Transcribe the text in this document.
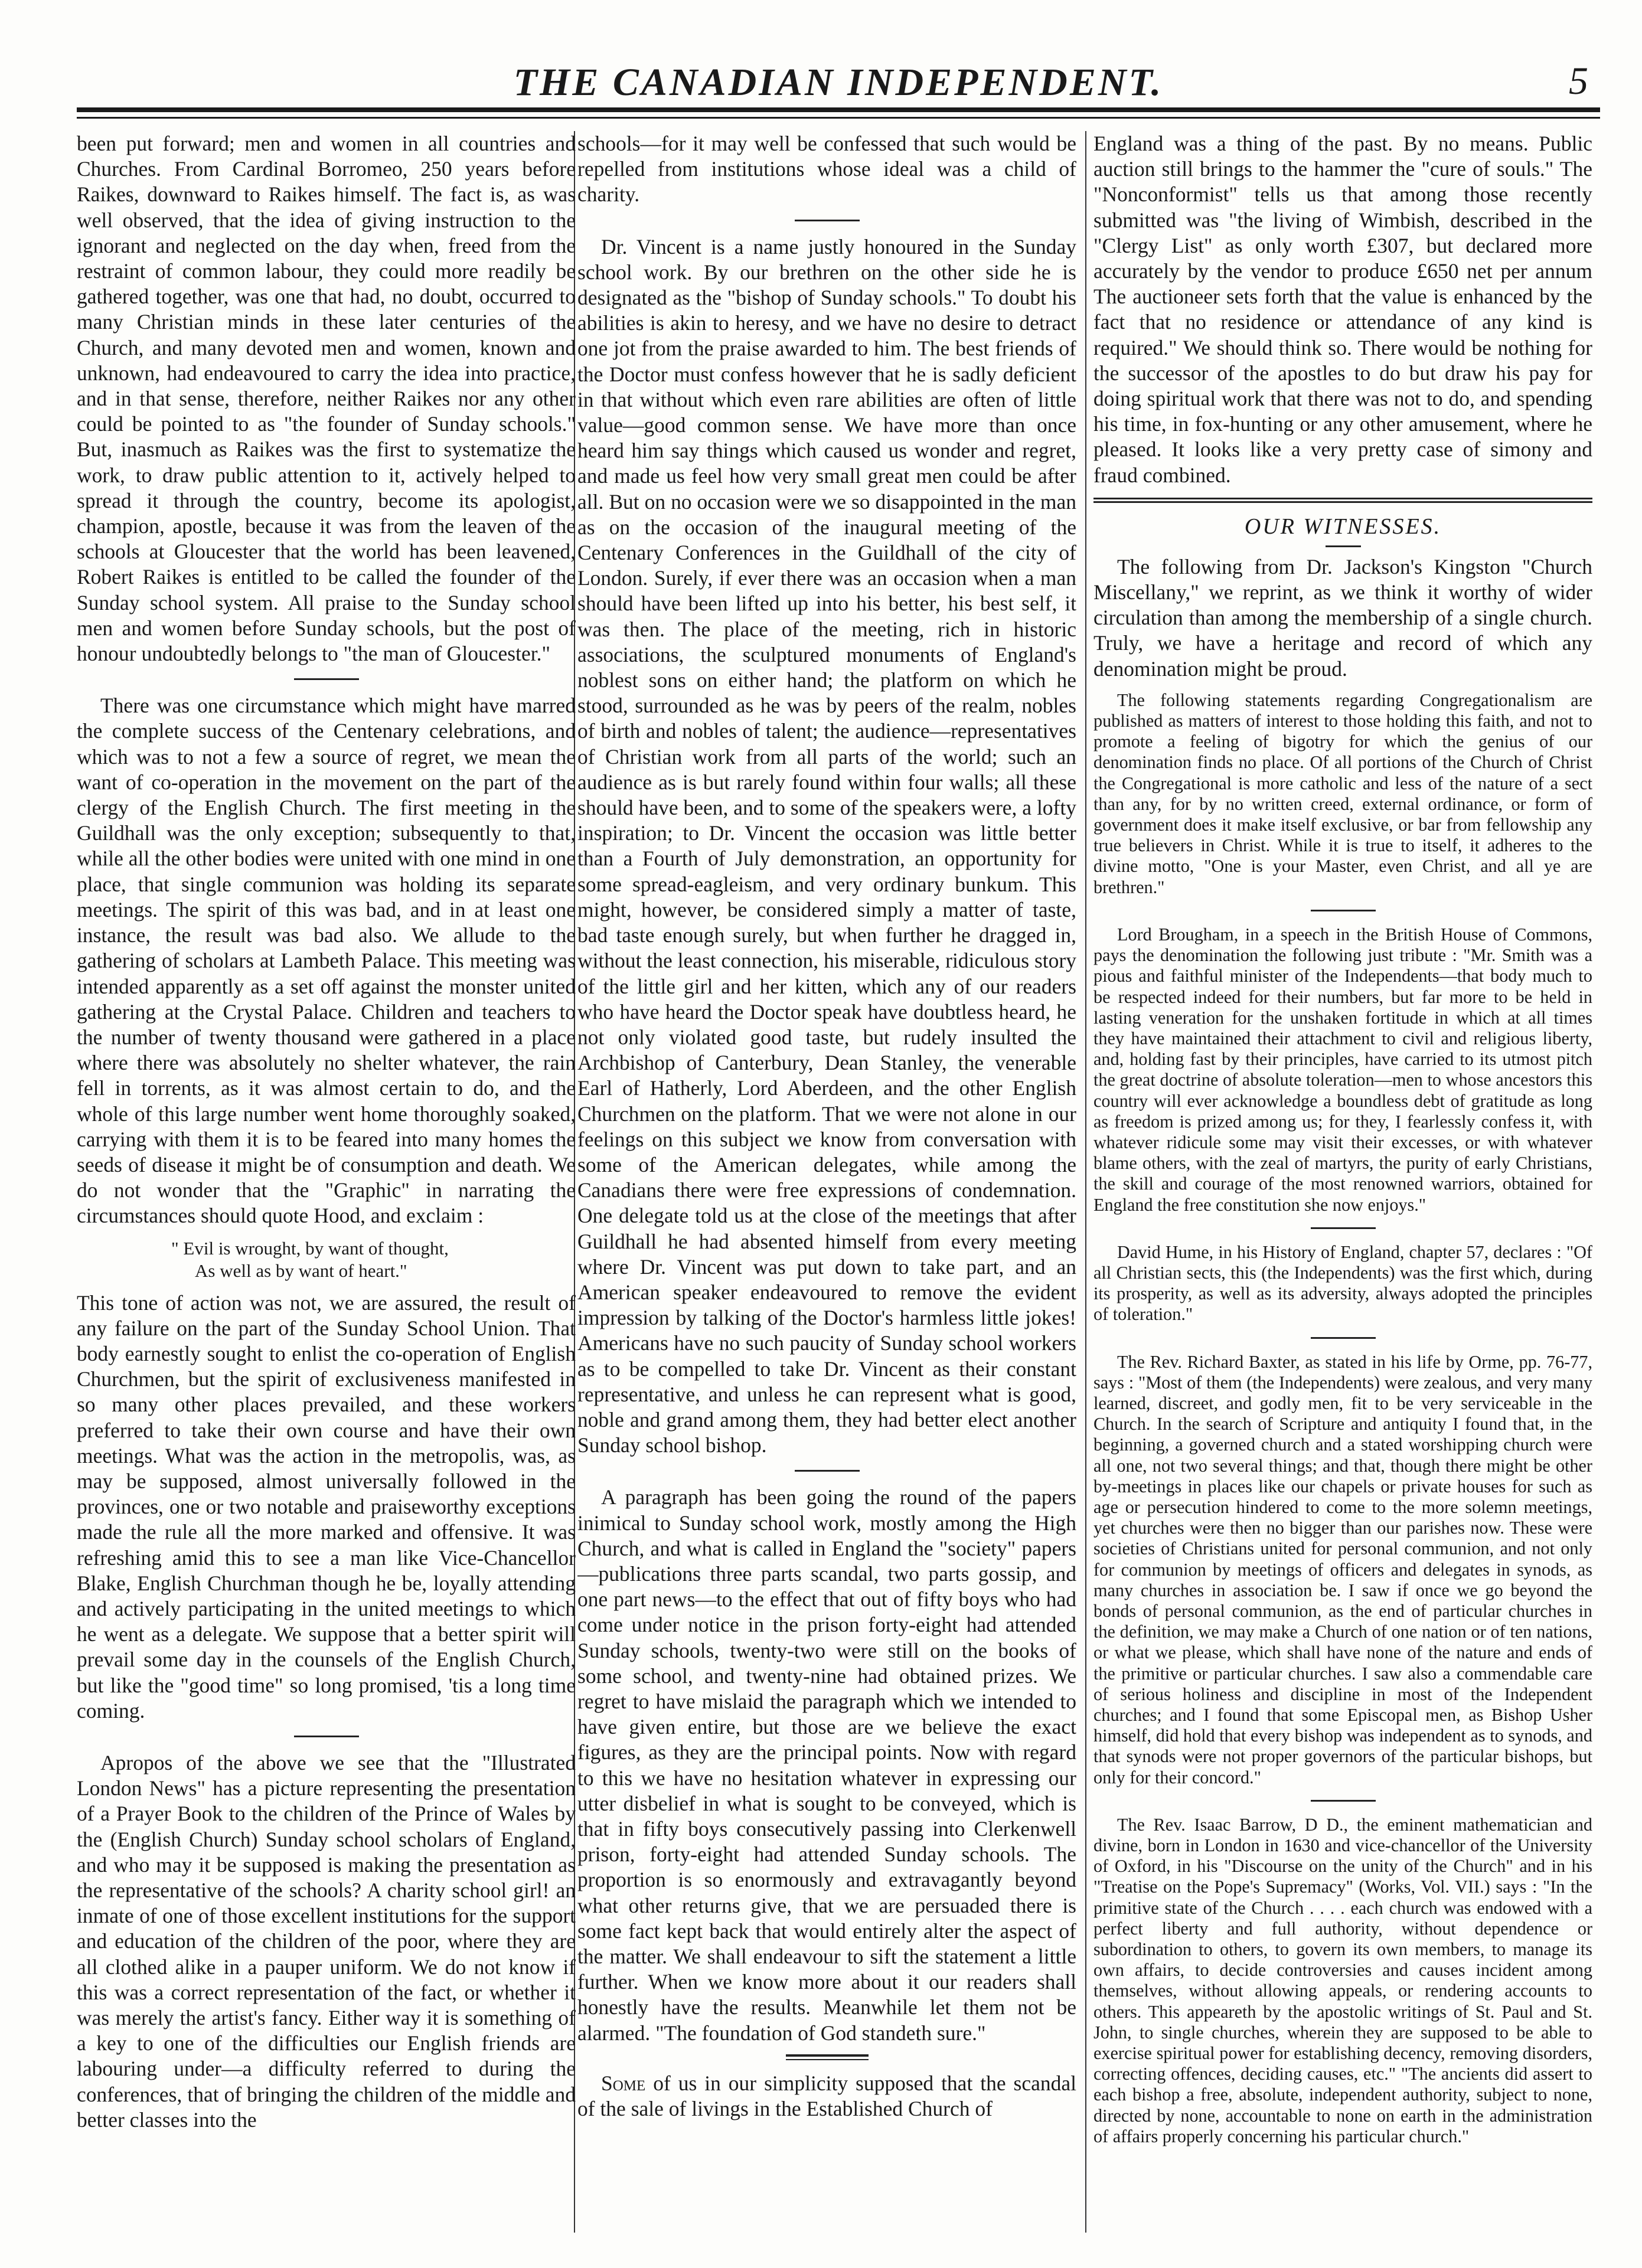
THE CANADIAN INDEPENDENT.	5

been put forward; men and women in all countries and Churches. From Cardinal Borromeo, 250 years before Raikes, downward to Raikes himself. The fact is, as was well observed, that the idea of giving instruction to the ignorant and neglected on the day when, freed from the restraint of common labour, they could more readily be gathered together, was one that had, no doubt, occurred to many Christian minds in these later centuries of the Church, and many devoted men and women, known and unknown, had endeavoured to carry the idea into practice, and in that sense, therefore, neither Raikes nor any other could be pointed to as "the founder of Sunday schools." But, inasmuch as Raikes was the first to systematize the work, to draw public attention to it, actively helped to spread it through the country, become its apologist, champion, apostle, because it was from the leaven of the schools at Gloucester that the world has been leavened, Robert Raikes is entitled to be called the founder of the Sunday school system. All praise to the Sunday school men and women before Sunday schools, but the post of honour undoubtedly belongs to "the man of Gloucester."

There was one circumstance which might have marred the complete success of the Centenary celebrations, and which was to not a few a source of regret, we mean the want of co-operation in the movement on the part of the clergy of the English Church. The first meeting in the Guildhall was the only exception; subsequently to that, while all the other bodies were united with one mind in one place, that single communion was holding its separate meetings. The spirit of this was bad, and in at least one instance, the result was bad also. We allude to the gathering of scholars at Lambeth Palace. This meeting was intended apparently as a set off against the monster united gathering at the Crystal Palace. Children and teachers to the number of twenty thousand were gathered in a place where there was absolutely no shelter whatever, the rain fell in torrents, as it was almost certain to do, and the whole of this large number went home thoroughly soaked, carrying with them it is to be feared into many homes the seeds of disease it might be of consumption and death. We do not wonder that the "Graphic" in narrating the circumstances should quote Hood, and exclaim :

" Evil is wrought, by want of thought,
As well as by want of heart."

This tone of action was not, we are assured, the result of any failure on the part of the Sunday School Union. That body earnestly sought to enlist the co-operation of English Churchmen, but the spirit of exclusiveness manifested in so many other places prevailed, and these workers preferred to take their own course and have their own meetings. What was the action in the metropolis, was, as may be supposed, almost universally followed in the provinces, one or two notable and praiseworthy exceptions made the rule all the more marked and offensive. It was refreshing amid this to see a man like Vice-Chancellor Blake, English Churchman though he be, loyally attending and actively participating in the united meetings to which he went as a delegate. We suppose that a better spirit will prevail some day in the counsels of the English Church, but like the "good time" so long promised, 'tis a long time coming.

Apropos of the above we see that the "Illustrated London News" has a picture representing the presentation of a Prayer Book to the children of the Prince of Wales by the (English Church) Sunday school scholars of England, and who may it be supposed is making the presentation as the representative of the schools? A charity school girl! an inmate of one of those excellent institutions for the support and education of the children of the poor, where they are all clothed alike in a pauper uniform. We do not know if this was a correct representation of the fact, or whether it was merely the artist's fancy. Either way it is something of a key to one of the difficulties our English friends are labouring under—a difficulty referred to during the conferences, that of bringing the children of the middle and better classes into the

schools—for it may well be confessed that such would be repelled from institutions whose ideal was a child of charity.

Dr. Vincent is a name justly honoured in the Sunday school work. By our brethren on the other side he is designated as the "bishop of Sunday schools." To doubt his abilities is akin to heresy, and we have no desire to detract one jot from the praise awarded to him. The best friends of the Doctor must confess however that he is sadly deficient in that without which even rare abilities are often of little value—good common sense. We have more than once heard him say things which caused us wonder and regret, and made us feel how very small great men could be after all. But on no occasion were we so disappointed in the man as on the occasion of the inaugural meeting of the Centenary Conferences in the Guildhall of the city of London. Surely, if ever there was an occasion when a man should have been lifted up into his better, his best self, it was then. The place of the meeting, rich in historic associations, the sculptured monuments of England's noblest sons on either hand; the platform on which he stood, surrounded as he was by peers of the realm, nobles of birth and nobles of talent; the audience—representatives of Christian work from all parts of the world; such an audience as is but rarely found within four walls; all these should have been, and to some of the speakers were, a lofty inspiration; to Dr. Vincent the occasion was little better than a Fourth of July demonstration, an opportunity for some spread-eagleism, and very ordinary bunkum. This might, however, be considered simply a matter of taste, bad taste enough surely, but when further he dragged in, without the least connection, his miserable, ridiculous story of the little girl and her kitten, which any of our readers who have heard the Doctor speak have doubtless heard, he not only violated good taste, but rudely insulted the Archbishop of Canterbury, Dean Stanley, the venerable Earl of Hatherly, Lord Aberdeen, and the other English Churchmen on the platform. That we were not alone in our feelings on this subject we know from conversation with some of the American delegates, while among the Canadians there were free expressions of condemnation. One delegate told us at the close of the meetings that after Guildhall he had absented himself from every meeting where Dr. Vincent was put down to take part, and an American speaker endeavoured to remove the evident impression by talking of the Doctor's harmless little jokes! Americans have no such paucity of Sunday school workers as to be compelled to take Dr. Vincent as their constant representative, and unless he can represent what is good, noble and grand among them, they had better elect another Sunday school bishop.

A paragraph has been going the round of the papers inimical to Sunday school work, mostly among the High Church, and what is called in England the "society" papers—publications three parts scandal, two parts gossip, and one part news—to the effect that out of fifty boys who had come under notice in the prison forty-eight had attended Sunday schools, twenty-two were still on the books of some school, and twenty-nine had obtained prizes. We regret to have mislaid the paragraph which we intended to have given entire, but those are we believe the exact figures, as they are the principal points. Now with regard to this we have no hesitation whatever in expressing our utter disbelief in what is sought to be conveyed, which is that in fifty boys consecutively passing into Clerkenwell prison, forty-eight had attended Sunday schools. The proportion is so enormously and extravagantly beyond what other returns give, that we are persuaded there is some fact kept back that would entirely alter the aspect of the matter. We shall endeavour to sift the statement a little further. When we know more about it our readers shall honestly have the results. Meanwhile let them not be alarmed. "The foundation of God standeth sure."

Some of us in our simplicity supposed that the scandal of the sale of livings in the Established Church of

England was a thing of the past. By no means. Public auction still brings to the hammer the "cure of souls." The "Nonconformist" tells us that among those recently submitted was "the living of Wimbish, described in the "Clergy List" as only worth £307, but declared more accurately by the vendor to produce £650 net per annum The auctioneer sets forth that the value is enhanced by the fact that no residence or attendance of any kind is required." We should think so. There would be nothing for the successor of the apostles to do but draw his pay for doing spiritual work that there was not to do, and spending his time, in fox-hunting or any other amusement, where he pleased. It looks like a very pretty case of simony and fraud combined.

OUR WITNESSES.

The following from Dr. Jackson's Kingston "Church Miscellany," we reprint, as we think it worthy of wider circulation than among the membership of a single church. Truly, we have a heritage and record of which any denomination might be proud.

The following statements regarding Congregationalism are published as matters of interest to those holding this faith, and not to promote a feeling of bigotry for which the genius of our denomination finds no place. Of all portions of the Church of Christ the Congregational is more catholic and less of the nature of a sect than any, for by no written creed, external ordinance, or form of government does it make itself exclusive, or bar from fellowship any true believers in Christ. While it is true to itself, it adheres to the divine motto, "One is your Master, even Christ, and all ye are brethren."

Lord Brougham, in a speech in the British House of Commons, pays the denomination the following just tribute : "Mr. Smith was a pious and faithful minister of the Independents—that body much to be respected indeed for their numbers, but far more to be held in lasting veneration for the unshaken fortitude in which at all times they have maintained their attachment to civil and religious liberty, and, holding fast by their principles, have carried to its utmost pitch the great doctrine of absolute toleration—men to whose ancestors this country will ever acknowledge a boundless debt of gratitude as long as freedom is prized among us; for they, I fearlessly confess it, with whatever ridicule some may visit their excesses, or with whatever blame others, with the zeal of martyrs, the purity of early Christians, the skill and courage of the most renowned warriors, obtained for England the free constitution she now enjoys."

David Hume, in his History of England, chapter 57, declares : "Of all Christian sects, this (the Independents) was the first which, during its prosperity, as well as its adversity, always adopted the principles of toleration."

The Rev. Richard Baxter, as stated in his life by Orme, pp. 76-77, says : "Most of them (the Independents) were zealous, and very many learned, discreet, and godly men, fit to be very serviceable in the Church. In the search of Scripture and antiquity I found that, in the beginning, a governed church and a stated worshipping church were all one, not two several things; and that, though there might be other by-meetings in places like our chapels or private houses for such as age or persecution hindered to come to the more solemn meetings, yet churches were then no bigger than our parishes now. These were societies of Christians united for personal communion, and not only for communion by meetings of officers and delegates in synods, as many churches in association be. I saw if once we go beyond the bonds of personal communion, as the end of particular churches in the definition, we may make a Church of one nation or of ten nations, or what we please, which shall have none of the nature and ends of the primitive or particular churches. I saw also a commendable care of serious holiness and discipline in most of the Independent churches; and I found that some Episcopal men, as Bishop Usher himself, did hold that every bishop was independent as to synods, and that synods were not proper governors of the particular bishops, but only for their concord."

The Rev. Isaac Barrow, D D., the eminent mathematician and divine, born in London in 1630 and vice-chancellor of the University of Oxford, in his "Discourse on the unity of the Church" and in his "Treatise on the Pope's Supremacy" (Works, Vol. VII.) says : "In the primitive state of the Church . . . . each church was endowed with a perfect liberty and full authority, without dependence or subordination to others, to govern its own members, to manage its own affairs, to decide controversies and causes incident among themselves, without allowing appeals, or rendering accounts to others. This appeareth by the apostolic writings of St. Paul and St. John, to single churches, wherein they are supposed to be able to exercise spiritual power for establishing decency, removing disorders, correcting offences, deciding causes, etc." "The ancients did assert to each bishop a free, absolute, independent authority, subject to none, directed by none, accountable to none on earth in the administration of affairs properly concerning his particular church."
